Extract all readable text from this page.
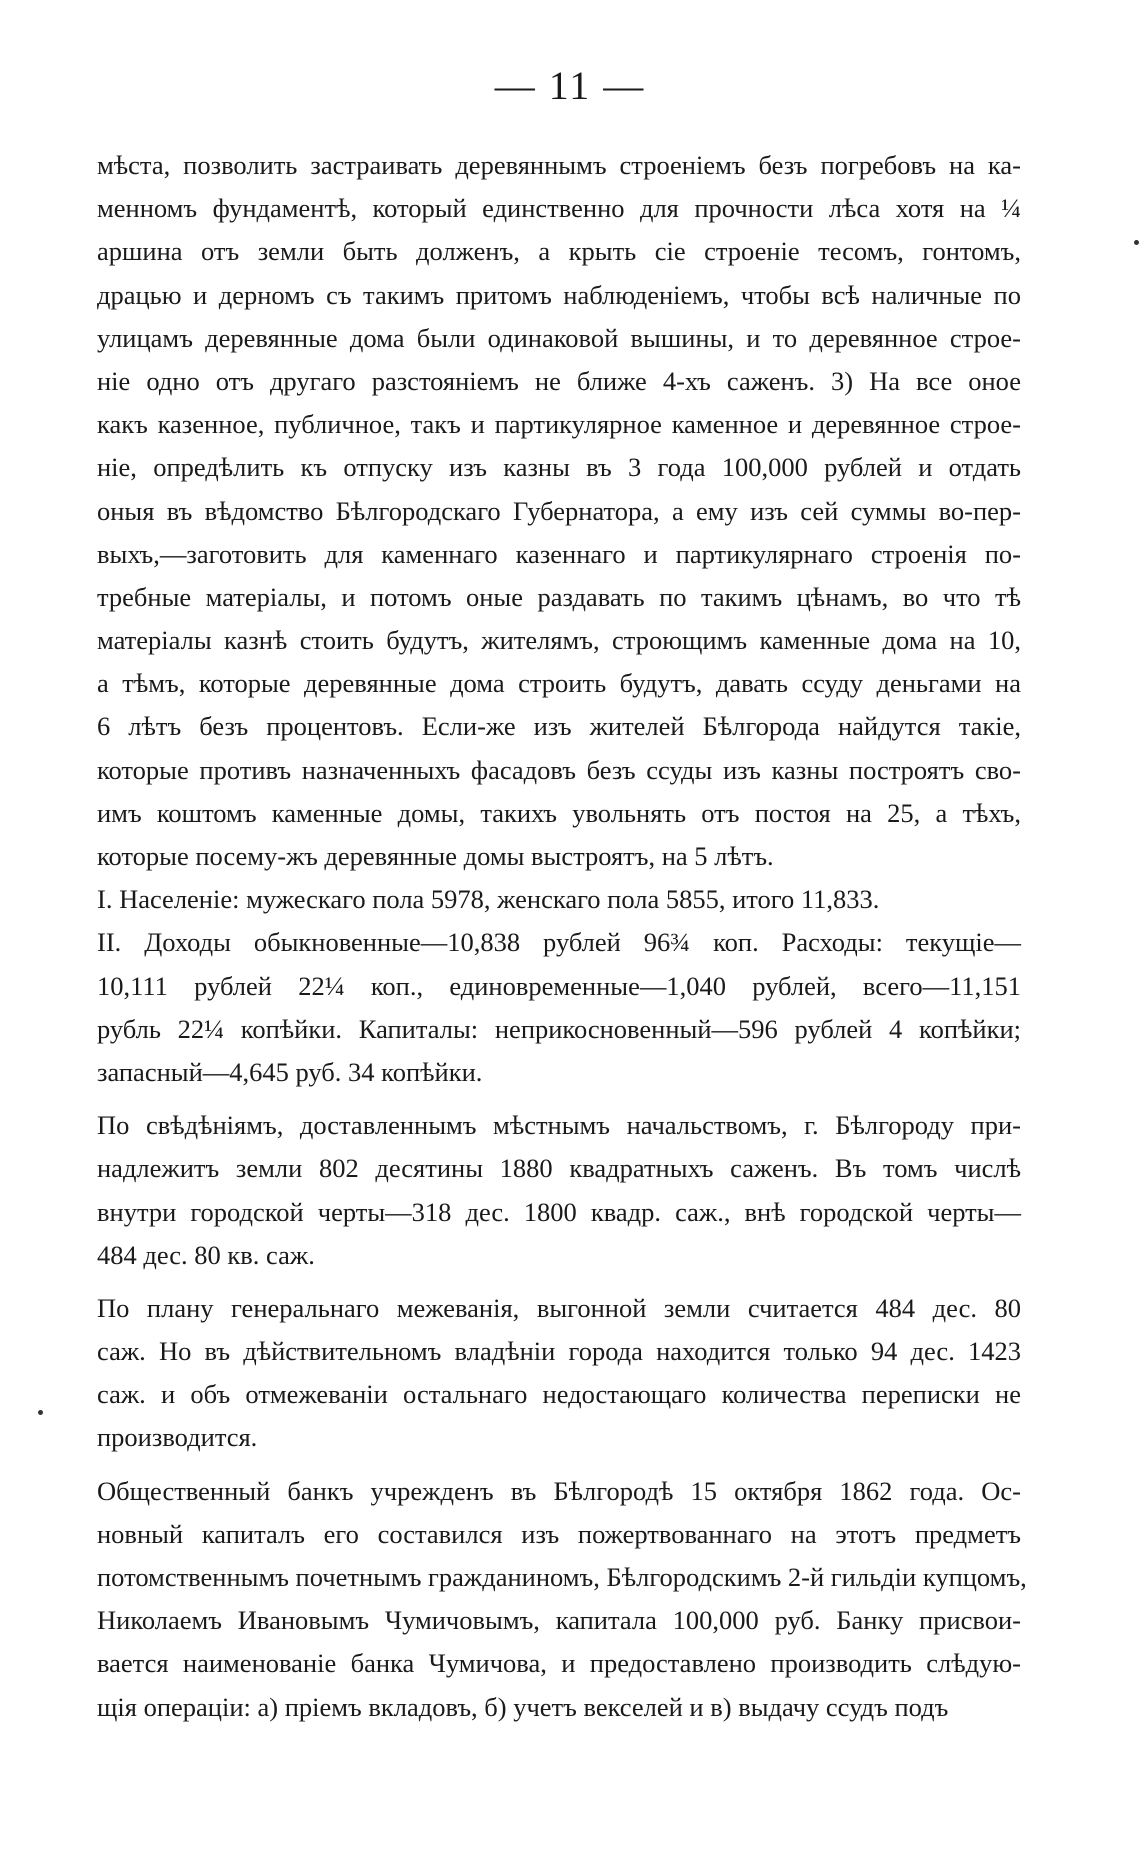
— 11 —
мѣста, позволить застраивать деревяннымъ строеніемъ безъ погребовъ на ка-
менномъ фундаментѣ, который единственно для прочности лѣса хотя на ¼
аршина отъ земли быть долженъ, а крыть сіе строеніе тесомъ, гонтомъ,
драцью и дерномъ съ такимъ притомъ наблюденіемъ, чтобы всѣ наличные по
улицамъ деревянные дома были одинаковой вышины, и то деревянное строе-
ніе одно отъ другаго разстояніемъ не ближе 4-хъ саженъ. 3) На все оное
какъ казенное, публичное, такъ и партикулярное каменное и деревянное строе-
ніе, опредѣлить къ отпуску изъ казны въ 3 года 100,000 рублей и отдать
оныя въ вѣдомство Бѣлгородскаго Губернатора, а ему изъ сей суммы во-пер-
выхъ,—заготовить для каменнаго казеннаго и партикулярнаго строенія по-
требные матеріалы, и потомъ оные раздавать по такимъ цѣнамъ, во что тѣ
матеріалы казнѣ стоить будутъ, жителямъ, строющимъ каменные дома на 10,
а тѣмъ, которые деревянные дома строить будутъ, давать ссуду деньгами на
6 лѣтъ безъ процентовъ. Если-же изъ жителей Бѣлгорода найдутся такіе,
которые противъ назначенныхъ фасадовъ безъ ссуды изъ казны построятъ сво-
имъ коштомъ каменные домы, такихъ увольнять отъ постоя на 25, а тѣхъ,
которые посему-жъ деревянные домы выстроятъ, на 5 лѣтъ.
I. Населеніе: мужескаго пола 5978, женскаго пола 5855, итого 11,833.
II. Доходы обыкновенные—10,838 рублей 96¾ коп. Расходы: текущіе—
10,111 рублей 22¼ коп., единовременные—1,040 рублей, всего—11,151
рубль 22¼ копѣйки. Капиталы: неприкосновенный—596 рублей 4 копѣйки;
запасный—4,645 руб. 34 копѣйки.
По свѣдѣніямъ, доставленнымъ мѣстнымъ начальствомъ, г. Бѣлгороду при-
надлежитъ земли 802 десятины 1880 квадратныхъ саженъ. Въ томъ числѣ
внутри городской черты—318 дес. 1800 квадр. саж., внѣ городской черты—
484 дес. 80 кв. саж.
По плану генеральнаго межеванія, выгонной земли считается 484 дес. 80
саж. Но въ дѣйствительномъ владѣніи города находится только 94 дес. 1423
саж. и объ отмежеваніи остальнаго недостающаго количества переписки не
производится.
Общественный банкъ учрежденъ въ Бѣлгородѣ 15 октября 1862 года. Ос-
новный капиталъ его составился изъ пожертвованнаго на этотъ предметъ
потомственнымъ почетнымъ гражданиномъ, Бѣлгородскимъ 2-й гильдіи купцомъ,
Николаемъ Ивановымъ Чумичовымъ, капитала 100,000 руб. Банку присвои-
вается наименованіе банка Чумичова, и предоставлено производить слѣдую-
щія операціи: а) пріемъ вкладовъ, б) учетъ векселей и в) выдачу ссудъ подъ
